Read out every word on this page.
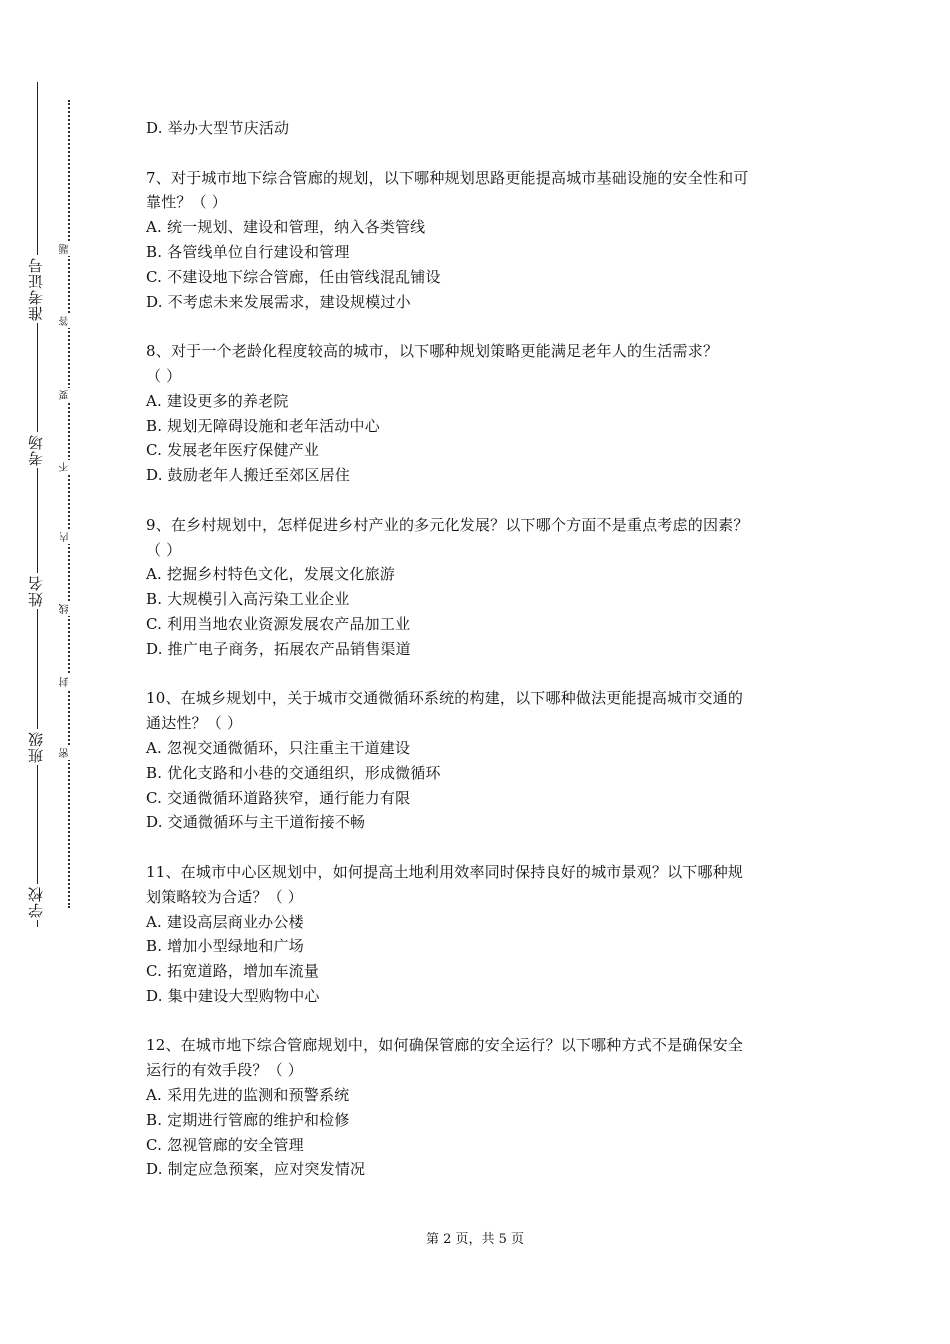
准考证号
考场
姓名
班级
学校
题
答
要
不
内
线
封
密
D. 举办大型节庆活动
7、对于城市地下综合管廊的规划，以下哪种规划思路更能提高城市基础设施的安全性和可
靠性？（ ）
A. 统一规划、建设和管理，纳入各类管线
B. 各管线单位自行建设和管理
C. 不建设地下综合管廊，任由管线混乱铺设
D. 不考虑未来发展需求，建设规模过小
8、对于一个老龄化程度较高的城市，以下哪种规划策略更能满足老年人的生活需求？
（ ）
A. 建设更多的养老院
B. 规划无障碍设施和老年活动中心
C. 发展老年医疗保健产业
D. 鼓励老年人搬迁至郊区居住
9、在乡村规划中，怎样促进乡村产业的多元化发展？以下哪个方面不是重点考虑的因素？
（ ）
A. 挖掘乡村特色文化，发展文化旅游
B. 大规模引入高污染工业企业
C. 利用当地农业资源发展农产品加工业
D. 推广电子商务，拓展农产品销售渠道
10、在城乡规划中，关于城市交通微循环系统的构建，以下哪种做法更能提高城市交通的
通达性？（ ）
A. 忽视交通微循环，只注重主干道建设
B. 优化支路和小巷的交通组织，形成微循环
C. 交通微循环道路狭窄，通行能力有限
D. 交通微循环与主干道衔接不畅
11、在城市中心区规划中，如何提高土地利用效率同时保持良好的城市景观？以下哪种规
划策略较为合适？（ ）
A. 建设高层商业办公楼
B. 增加小型绿地和广场
C. 拓宽道路，增加车流量
D. 集中建设大型购物中心
12、在城市地下综合管廊规划中，如何确保管廊的安全运行？以下哪种方式不是确保安全
运行的有效手段？（ ）
A. 采用先进的监测和预警系统
B. 定期进行管廊的维护和检修
C. 忽视管廊的安全管理
D. 制定应急预案，应对突发情况
第 2 页，共 5 页
